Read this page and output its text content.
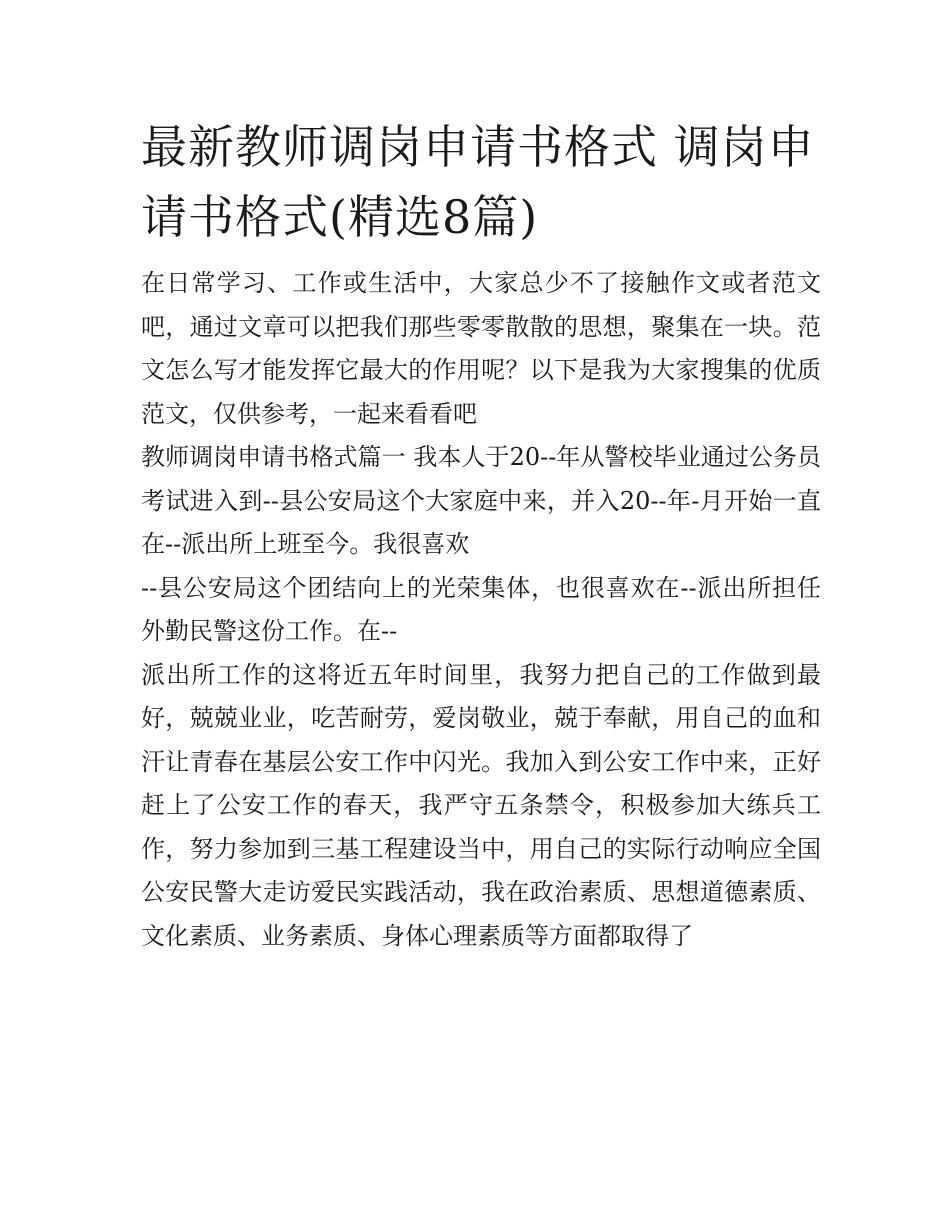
最新教师调岗申请书格式 调岗申请书格式(精选8篇)

在日常学习、工作或生活中，大家总少不了接触作文或者范文吧，通过文章可以把我们那些零零散散的思想，聚集在一块。范文怎么写才能发挥它最大的作用呢？以下是我为大家搜集的优质范文，仅供参考，一起来看看吧

教师调岗申请书格式篇一 我本人于20--年从警校毕业通过公务员考试进入到--县公安局这个大家庭中来，并入20--年-月开始一直在--派出所上班至今。我很喜欢

--县公安局这个团结向上的光荣集体，也很喜欢在--派出所担任外勤民警这份工作。在--

派出所工作的这将近五年时间里，我努力把自己的工作做到最好，兢兢业业，吃苦耐劳，爱岗敬业，兢于奉献，用自己的血和汗让青春在基层公安工作中闪光。我加入到公安工作中来，正好赶上了公安工作的春天，我严守五条禁令，积极参加大练兵工作，努力参加到三基工程建设当中，用自己的实际行动响应全国公安民警大走访爱民实践活动，我在政治素质、思想道德素质、文化素质、业务素质、身体心理素质等方面都取得了
